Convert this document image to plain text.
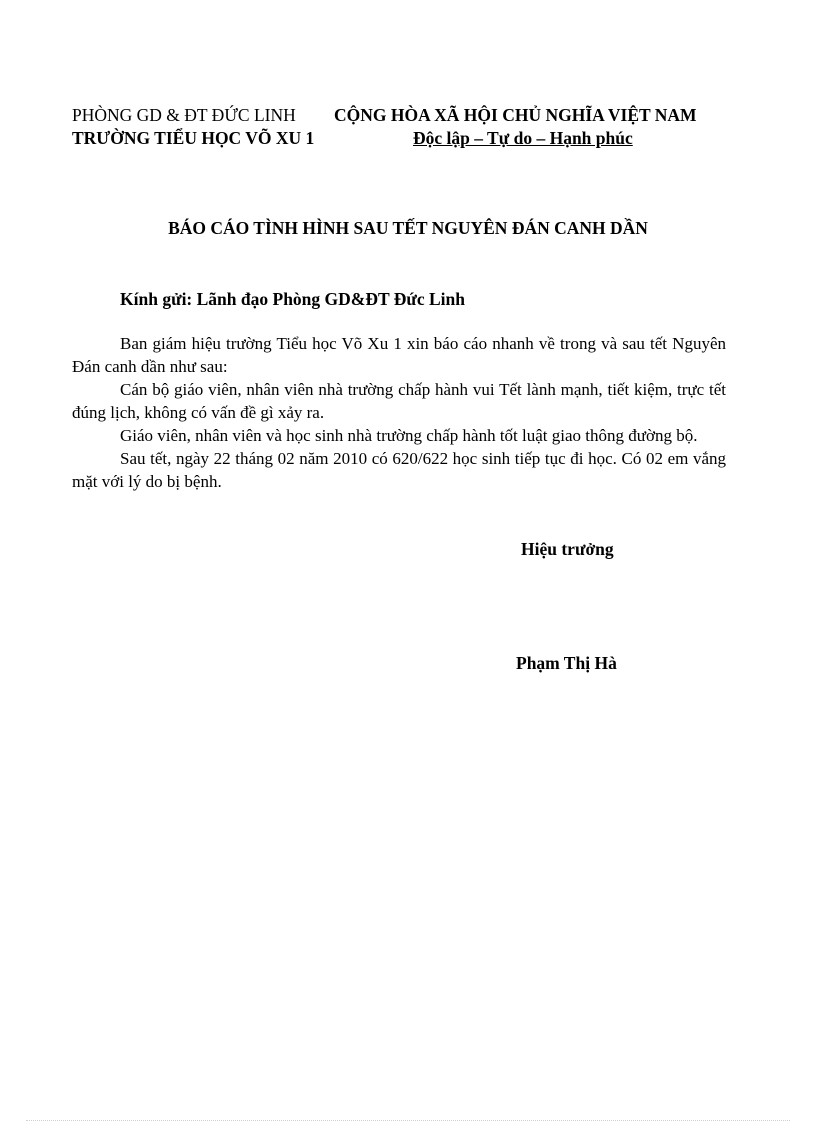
PHÒNG GD & ĐT ĐỨC LINH
TRƯỜNG TIỂU HỌC VÕ XU 1
CỘNG HÒA XÃ HỘI CHỦ NGHĨA VIỆT NAM
Độc lập – Tự do – Hạnh phúc
BÁO CÁO TÌNH HÌNH SAU TẾT NGUYÊN ĐÁN CANH DẦN
Kính gửi: Lãnh đạo Phòng GD&ĐT Đức Linh

Ban giám hiệu trường Tiểu học Võ Xu 1 xin báo cáo nhanh về trong và sau tết Nguyên Đán canh dần như sau:

Cán bộ giáo viên, nhân viên nhà trường chấp hành vui Tết lành mạnh, tiết kiệm, trực tết đúng lịch, không có vấn đề gì xảy ra.

Giáo viên, nhân viên và học sinh nhà trường chấp hành tốt luật giao thông đường bộ.

Sau tết, ngày 22 tháng 02 năm 2010 có 620/622 học sinh tiếp tục đi học. Có 02 em vắng mặt với lý do bị bệnh.

Hiệu trưởng
Phạm Thị Hà
